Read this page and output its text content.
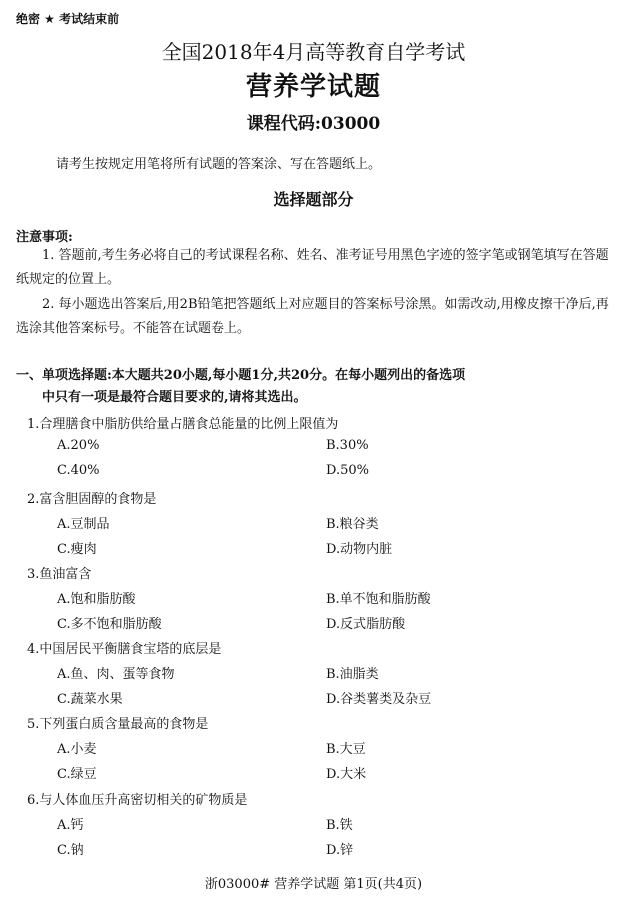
绝密 ★ 考试结束前
全国2018年4月高等教育自学考试
营养学试题
课程代码:03000
请考生按规定用笔将所有试题的答案涂、写在答题纸上。
选择题部分
注意事项:
1. 答题前,考生务必将自己的考试课程名称、姓名、准考证号用黑色字迹的签字笔或钢笔填写在答题纸规定的位置上。
2. 每小题选出答案后,用2B铅笔把答题纸上对应题目的答案标号涂黑。如需改动,用橡皮擦干净后,再选涂其他答案标号。不能答在试题卷上。
一、单项选择题:本大题共20小题,每小题1分,共20分。在每小题列出的备选项
中只有一项是最符合题目要求的,请将其选出。
1.合理膳食中脂肪供给量占膳食总能量的比例上限值为
A.20%	B.30%
C.40%	D.50%
2.富含胆固醇的食物是
A.豆制品	B.粮谷类
C.瘦肉	D.动物内脏
3.鱼油富含
A.饱和脂肪酸	B.单不饱和脂肪酸
C.多不饱和脂肪酸	D.反式脂肪酸
4.中国居民平衡膳食宝塔的底层是
A.鱼、肉、蛋等食物	B.油脂类
C.蔬菜水果	D.谷类薯类及杂豆
5.下列蛋白质含量最高的食物是
A.小麦	B.大豆
C.绿豆	D.大米
6.与人体血压升高密切相关的矿物质是
A.钙	B.铁
C.钠	D.锌
浙03000# 营养学试题 第1页(共4页)
